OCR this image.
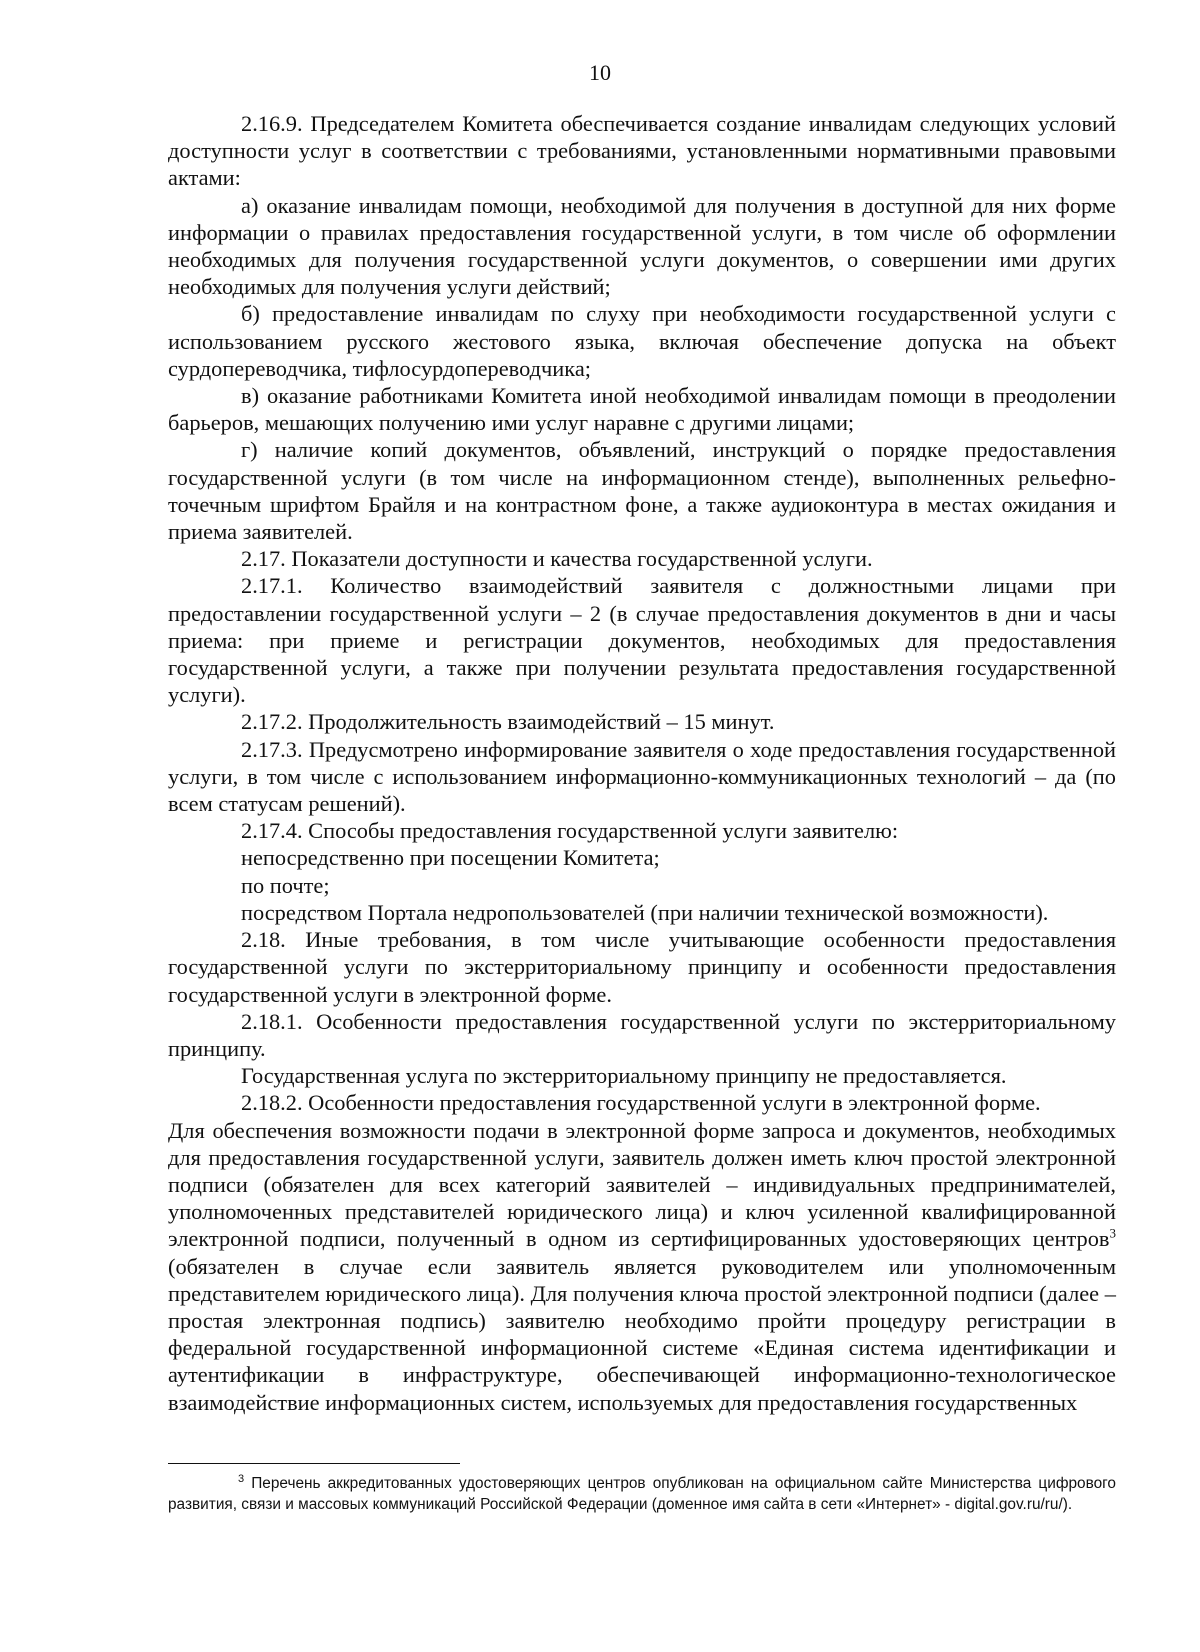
10

2.16.9. Председателем Комитета обеспечивается создание инвалидам следующих условий доступности услуг в соответствии с требованиями, установленными нормативными правовыми актами:

а) оказание инвалидам помощи, необходимой для получения в доступной для них форме информации о правилах предоставления государственной услуги, в том числе об оформлении необходимых для получения государственной услуги документов, о совершении ими других необходимых для получения услуги действий;

б) предоставление инвалидам по слуху при необходимости государственной услуги с использованием русского жестового языка, включая обеспечение допуска на объект сурдопереводчика, тифлосурдопереводчика;

в) оказание работниками Комитета иной необходимой инвалидам помощи в преодолении барьеров, мешающих получению ими услуг наравне с другими лицами;

г) наличие копий документов, объявлений, инструкций о порядке предоставления государственной услуги (в том числе на информационном стенде), выполненных рельефно-точечным шрифтом Брайля и на контрастном фоне, а также аудиоконтура в местах ожидания и приема заявителей.

2.17. Показатели доступности и качества государственной услуги.

2.17.1. Количество взаимодействий заявителя с должностными лицами при предоставлении государственной услуги – 2 (в случае предоставления документов в дни и часы приема: при приеме и регистрации документов, необходимых для предоставления государственной услуги, а также при получении результата предоставления государственной услуги).

2.17.2. Продолжительность взаимодействий – 15 минут.

2.17.3. Предусмотрено информирование заявителя о ходе предоставления государственной услуги, в том числе с использованием информационно-коммуникационных технологий – да (по всем статусам решений).

2.17.4. Способы предоставления государственной услуги заявителю:

непосредственно при посещении Комитета;

по почте;

посредством Портала недропользователей (при наличии технической возможности).

2.18. Иные требования, в том числе учитывающие особенности предоставления государственной услуги по экстерриториальному принципу и особенности предоставления государственной услуги в электронной форме.

2.18.1. Особенности предоставления государственной услуги по экстерриториальному принципу.

Государственная услуга по экстерриториальному принципу не предоставляется.

2.18.2. Особенности предоставления государственной услуги в электронной форме.

Для обеспечения возможности подачи в электронной форме запроса и документов, необходимых для предоставления государственной услуги, заявитель должен иметь ключ простой электронной подписи (обязателен для всех категорий заявителей – индивидуальных предпринимателей, уполномоченных представителей юридического лица) и ключ усиленной квалифицированной электронной подписи, полученный в одном из сертифицированных удостоверяющих центров$^3$ (обязателен в случае если заявитель является руководителем или уполномоченным представителем юридического лица). Для получения ключа простой электронной подписи (далее – простая электронная подпись) заявителю необходимо пройти процедуру регистрации в федеральной государственной информационной системе «Единая система идентификации и аутентификации в инфраструктуре, обеспечивающей информационно-технологическое взаимодействие информационных систем, используемых для предоставления государственных

$^3$ Перечень аккредитованных удостоверяющих центров опубликован на официальном сайте Министерства цифрового развития, связи и массовых коммуникаций Российской Федерации (доменное имя сайта в сети «Интернет» - digital.gov.ru/ru/).
